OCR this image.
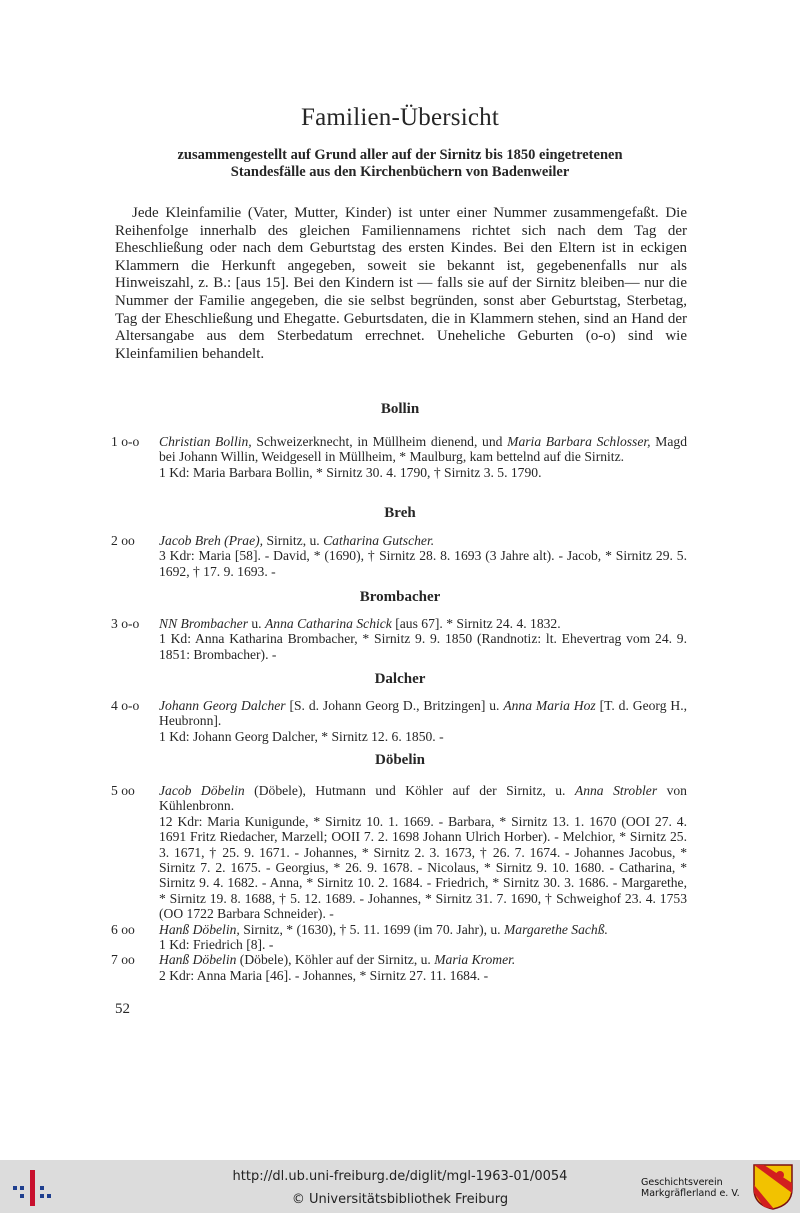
Familien-Übersicht
zusammengestellt auf Grund aller auf der Sirnitz bis 1850 eingetretenen
Standesfälle aus den Kirchenbüchern von Badenweiler

Jede Kleinfamilie (Vater, Mutter, Kinder) ist unter einer Nummer zusammengefaßt. Die Reihenfolge innerhalb des gleichen Familiennamens richtet sich nach dem Tag der Eheschließung oder nach dem Geburtstag des ersten Kindes. Bei den Eltern ist in eckigen Klammern die Herkunft angegeben, soweit sie bekannt ist, gegebenenfalls nur als Hinweiszahl, z. B.: [aus 15]. Bei den Kindern ist — falls sie auf der Sirnitz bleiben— nur die Nummer der Familie angegeben, die sie selbst begründen, sonst aber Geburtstag, Sterbetag, Tag der Eheschließung und Ehegatte. Geburtsdaten, die in Klammern stehen, sind an Hand der Altersangabe aus dem Sterbedatum errechnet. Uneheliche Geburten (o-o) sind wie Kleinfamilien behandelt.

Bollin
1 o-o	Christian Bollin, Schweizerknecht, in Müllheim dienend, und Maria Barbara Schlosser, Magd bei Johann Willin, Weidgesell in Müllheim, * Maulburg, kam bettelnd auf die Sirnitz.
1 Kd: Maria Barbara Bollin, * Sirnitz 30. 4. 1790, † Sirnitz 3. 5. 1790.
Breh
2 oo	Jacob Breh (Prae), Sirnitz, u. Catharina Gutscher.
3 Kdr: Maria [58]. - David, * (1690), † Sirnitz 28. 8. 1693 (3 Jahre alt). - Jacob, * Sirnitz 29. 5. 1692, † 17. 9. 1693. -
Brombacher
3 o-o	NN Brombacher u. Anna Catharina Schick [aus 67]. * Sirnitz 24. 4. 1832.
1 Kd: Anna Katharina Brombacher, * Sirnitz 9. 9. 1850 (Randnotiz: lt. Ehevertrag vom 24. 9. 1851: Brombacher). -
Dalcher
4 o-o	Johann Georg Dalcher [S. d. Johann Georg D., Britzingen] u. Anna Maria Hoz [T. d. Georg H., Heubronn].
1 Kd: Johann Georg Dalcher, * Sirnitz 12. 6. 1850. -
Döbelin
5 oo	Jacob Döbelin (Döbele), Hutmann und Köhler auf der Sirnitz, u. Anna Strobler von Kühlenbronn.
12 Kdr: Maria Kunigunde, * Sirnitz 10. 1. 1669. - Barbara, * Sirnitz 13. 1. 1670 (OOI 27. 4. 1691 Fritz Riedacher, Marzell; OOII 7. 2. 1698 Johann Ulrich Horber). - Melchior, * Sirnitz 25. 3. 1671, † 25. 9. 1671. - Johannes, * Sirnitz 2. 3. 1673, † 26. 7. 1674. - Johannes Jacobus, * Sirnitz 7. 2. 1675. - Georgius, * 26. 9. 1678. - Nicolaus, * Sirnitz 9. 10. 1680. - Catharina, * Sirnitz 9. 4. 1682. - Anna, * Sirnitz 10. 2. 1684. - Friedrich, * Sirnitz 30. 3. 1686. - Margarethe, * Sirnitz 19. 8. 1688, † 5. 12. 1689. - Johannes, * Sirnitz 31. 7. 1690, † Schweighof 23. 4. 1753 (OO 1722 Barbara Schneider). -
6 oo	Hanß Döbelin, Sirnitz, * (1630), † 5. 11. 1699 (im 70. Jahr), u. Margarethe Sachß.
1 Kd: Friedrich [8]. -
7 oo	Hanß Döbelin (Döbele), Köhler auf der Sirnitz, u. Maria Kromer.
2 Kdr: Anna Maria [46]. - Johannes, * Sirnitz 27. 11. 1684. -
52
http://dl.ub.uni-freiburg.de/diglit/mgl-1963-01/0054
© Universitätsbibliothek Freiburg
Geschichtsverein
Markgräflerland e. V.
